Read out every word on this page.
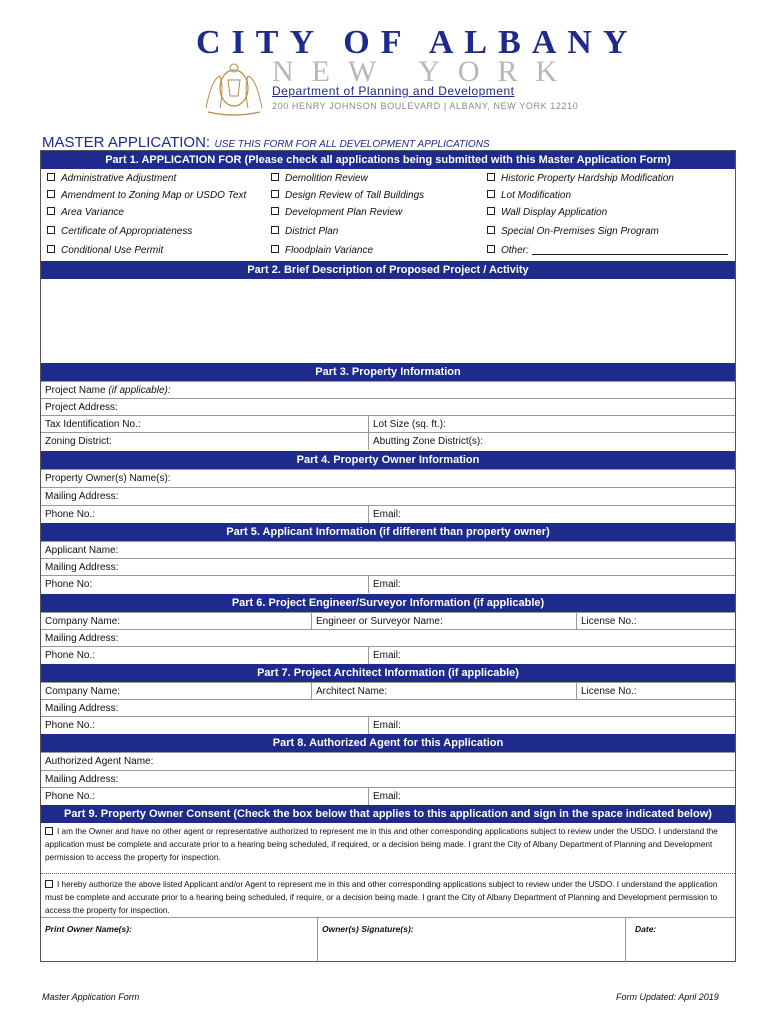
CITY OF ALBANY
NEW YORK
Department of Planning and Development
200 HENRY JOHNSON BOULEVARD | ALBANY, NEW YORK 12210
MASTER APPLICATION: USE THIS FORM FOR ALL DEVELOPMENT APPLICATIONS
Part 1. APPLICATION FOR (Please check all applications being submitted with this Master Application Form)
Administrative Adjustment	Demolition Review	Historic Property Hardship Modification
Amendment to Zoning Map or USDO Text	Design Review of Tall Buildings	Lot Modification
Area Variance	Development Plan Review	Wall Display Application
Certificate of Appropriateness	District Plan	Special On-Premises Sign Program
Conditional Use Permit	Floodplain Variance	Other:
Part 2. Brief Description of Proposed Project / Activity
Part 3. Property Information
Project Name (if applicable):
Project Address:
Tax Identification No.:	Lot Size (sq. ft.):
Zoning District:	Abutting Zone District(s):
Part 4. Property Owner Information
Property Owner(s) Name(s):
Mailing Address:
Phone No.:	Email:
Part 5. Applicant Information (if different than property owner)
Applicant Name:
Mailing Address:
Phone No:	Email:
Part 6. Project Engineer/Surveyor Information (if applicable)
Company Name:	Engineer or Surveyor Name:	License No.:
Mailing Address:
Phone No.:	Email:
Part 7. Project Architect Information (if applicable)
Company Name:	Architect Name:	License No.:
Mailing Address:
Phone No.:	Email:
Part 8. Authorized Agent for this Application
Authorized Agent Name:
Mailing Address:
Phone No.:	Email:
Part 9. Property Owner Consent (Check the box below that applies to this application and sign in the space indicated below)
I am the Owner and have no other agent or representative authorized to represent me in this and other corresponding applications subject to review under the USDO. I understand the application must be complete and accurate prior to a hearing being scheduled, if required, or a decision being made. I grant the City of Albany Department of Planning and Development permission to access the property for inspection.
I hereby authorize the above listed Applicant and/or Agent to represent me in this and other corresponding applications subject to review under the USDO. I understand the application must be complete and accurate prior to a hearing being scheduled, if require, or a decision being made. I grant the City of Albany Department of Planning and Development permission to access the property for inspection.
Print Owner Name(s):	Owner(s) Signature(s):	Date:
Master Application Form	Form Updated: April 2019
